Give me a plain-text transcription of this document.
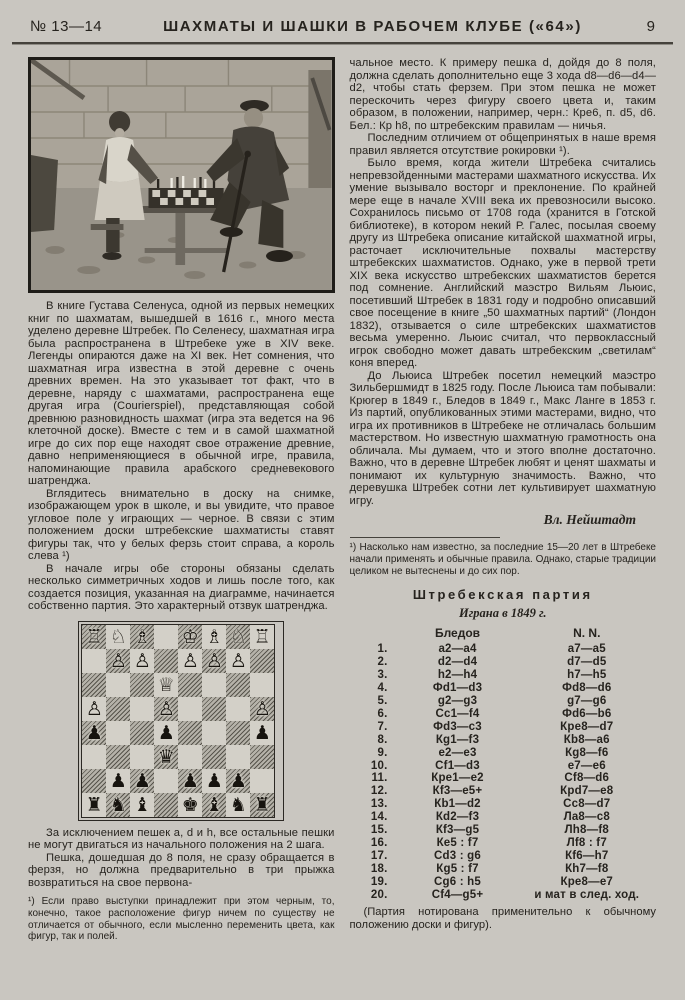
№ 13—14	ШАХМАТЫ И ШАШКИ В РАБОЧЕМ КЛУБЕ («64»)	9

В книге Густава Селенуса, одной из первых немецких книг по шахматам, вышедшей в 1616 г., много места уделено деревне Штребек. По Селенесу, шахматная игра была распространена в Штребеке уже в XIV веке. Легенды опираются даже на XI век. Нет сомнения, что шахматная игра известна в этой деревне с очень древних времен. На это указывает тот факт, что в деревне, наряду с шахматами, распространена еще другая игра (Courierspiel), представляющая собой древнюю разновидность шахмат (игра эта ведется на 96 клеточной доске). Вместе с тем и в самой шахматной игре до сих пор еще находят свое отражение древние, давно неприменяющиеся в обычной игре, правила, напоминающие правила арабского средневекового шатренджа.

Вглядитесь внимательно в доску на снимке, изображающем урок в школе, и вы увидите, что правое угловое поле у играющих — черное. В связи с этим положением доски штребекские шахматисты ставят фигуры так, что у белых ферзь стоит справа, а король слева ¹)

В начале игры обе стороны обязаны сделать несколько симметричных ходов и лишь после того, как создается позиция, указанная на диаграмме, начинается собственно партия. Это характерный отзвук шатренджа.

♖ ♘ ♗ ♔ ♗ ♘ ♖
♙ ♙ ♙ ♙ ♙
♕
♙	♙	♙
♟	♟	♟
♛
♟ ♟ ♟ ♟ ♟
♜ ♞ ♝ ♚ ♝ ♞ ♜

За исключением пешек a, d и h, все остальные пешки не могут двигаться из начального положения на 2 шага.

Пешка, дошедшая до 8 поля, не сразу обращается в ферзя, но должна предварительно в три прыжка возвратиться на свое первона-

¹) Если право выступки принадлежит при этом черным, то, конечно, такое расположение фигур ничем по существу не отличается от обычного, если мысленно переменить цвета, как фигур, так и полей.

чальное место. К примеру пешка d, дойдя до 8 поля, должна сделать дополнительно еще 3 хода d8—d6—d4—d2, чтобы стать ферзем. При этом пешка не может перескочить через фигуру своего цвета и, таким образом, в положении, например, черн.: Кре6, п. d5, d6. Бел.: Кр h8, по штребекским правилам — ничья.

Последним отличием от общепринятых в наше время правил является отсутствие рокировки ¹).

Было время, когда жители Штребека считались непревзойденными мастерами шахматного искусства. Их умение вызывало восторг и преклонение. По крайней мере еще в начале XVIII века их превозносили высоко. Сохранилось письмо от 1708 года (хранится в Готской библиотеке), в котором некий Р. Галес, посылая своему другу из Штребека описание китайской шахматной игры, расточает исключительные похвалы мастерству штребекских шахматистов. Однако, уже в первой трети XIX века искусство штребекских шахматистов берется под сомнение. Английский маэстро Вильям Льюис, посетивший Штребек в 1831 году и подробно описавший свое посещение в книге „50 шахматных партий“ (Лондон 1832), отзывается о силе штребекских шахматистов весьма умеренно. Льюис считал, что первоклассный игрок свободно может давать штребекским „светилам“ коня вперед.

До Льюиса Штребек посетил немецкий маэстро Зильбершмидт в 1825 году. После Льюиса там побывали: Крюгер в 1849 г., Бледов в 1849 г., Макс Ланге в 1853 г. Из партий, опубликованных этими мастерами, видно, что игра их противников в Штребеке не отличалась большим мастерством. Но известную шахматную грамотность она обличала. Мы думаем, что и этого вполне достаточно. Важно, что в деревне Штребек любят и ценят шахматы и понимают их культурную значимость. Важно, что деревушка Штребек сотни лет культивирует шахматную игру.

Вл. Нейштадт
¹) Насколько нам известно, за последние 15—20 лет в Штребеке начали применять и обычные правила. Однако, старые традиции целиком не вытеснены и до сих пор.
Штребекская партия
Играна в 1849 г.
Бледов	N. N.
1.	a2—a4	a7—a5
2.	d2—d4	d7—d5
3.	h2—h4	h7—h5
4.	Фd1—d3	Фd8—d6
5.	g2—g3	g7—g6
6.	Сc1—f4	Фd6—b6
7.	Фd3—c3	Кре8—d7
8.	Кg1—f3	Кb8—a6
9.	e2—e3	Кg8—f6
10.	Сf1—d3	e7—e6
11.	Кре1—e2	Сf8—d6
12.	Кf3—e5+	Крd7—e8
13.	Кb1—d2	Сc8—d7
14.	Кd2—f3	Лa8—c8
15.	Кf3—g5	Лh8—f8
16.	Кe5 : f7	Лf8 : f7
17.	Сd3 : g6	Кf6—h7
18.	Кg5 : f7	Кh7—f8
19.	Сg6 : h5	Кре8—e7
20.	Сf4—g5+	и мат в след. ход.

(Партия нотирована применительно к обычному положению доски и фигур).
